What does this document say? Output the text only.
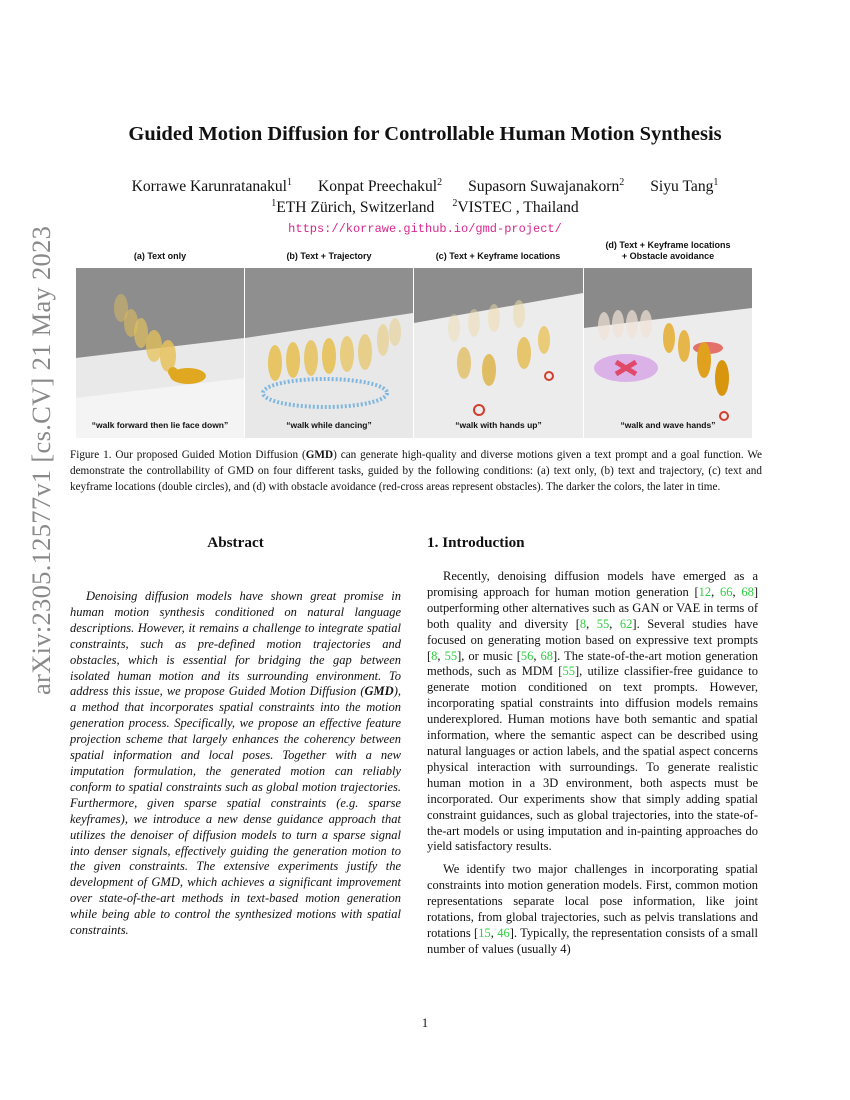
arXiv:2305.12577v1 [cs.CV] 21 May 2023
Guided Motion Diffusion for Controllable Human Motion Synthesis
Korrawe Karunratanakul$^1$ Konpat Preechakul$^2$ Supasorn Suwajanakorn$^2$ Siyu Tang$^1$
$^1$ETH Zürich, Switzerland $^2$VISTEC , Thailand
https://korrawe.github.io/gmd-project/
(a) Text only	(b) Text + Trajectory	(c) Text + Keyframe locations
(d) Text + Keyframe locations
+ Obstacle avoidance
“walk forward then lie face down”	“walk while dancing”	“walk with hands up”	“walk and wave hands”
Figure 1. Our proposed Guided Motion Diffusion (GMD) can generate high-quality and diverse motions given a text prompt and a goal function. We demonstrate the controllability of GMD on four different tasks, guided by the following conditions: (a) text only, (b) text and trajectory, (c) text and keyframe locations (double circles), and (d) with obstacle avoidance (red-cross areas represent obstacles). The darker the colors, the later in time.
Abstract
Denoising diffusion models have shown great promise in human motion synthesis conditioned on natural language descriptions. However, it remains a challenge to integrate spatial constraints, such as pre-defined motion trajectories and obstacles, which is essential for bridging the gap between isolated human motion and its surrounding environment. To address this issue, we propose Guided Motion Diffusion (GMD), a method that incorporates spatial constraints into the motion generation process. Specifically, we propose an effective feature projection scheme that largely enhances the coherency between spatial information and local poses. Together with a new imputation formulation, the generated motion can reliably conform to spatial constraints such as global motion trajectories. Furthermore, given sparse spatial constraints (e.g. sparse keyframes), we introduce a new dense guidance approach that utilizes the denoiser of diffusion models to turn a sparse signal into denser signals, effectively guiding the generation motion to the given constraints. The extensive experiments justify the development of GMD, which achieves a significant improvement over state-of-the-art methods in text-based motion generation while being able to control the synthesized motions with spatial constraints.
1. Introduction

Recently, denoising diffusion models have emerged as a promising approach for human motion generation [12, 66, 68] outperforming other alternatives such as GAN or VAE in terms of both quality and diversity [8, 55, 62]. Several studies have focused on generating motion based on expressive text prompts [8, 55], or music [56, 68]. The state-of-the-art motion generation methods, such as MDM [55], utilize classifier-free guidance to generate motion conditioned on text prompts. However, incorporating spatial constraints into diffusion models remains underexplored. Human motions have both semantic and spatial information, where the semantic aspect can be described using natural languages or action labels, and the spatial aspect concerns physical interaction with surroundings. To generate realistic human motion in a 3D environment, both aspects must be incorporated. Our experiments show that simply adding spatial constraint guidances, such as global trajectories, into the state-of-the-art models or using imputation and in-painting approaches do yield satisfactory results.

We identify two major challenges in incorporating spatial constraints into motion generation models. First, common motion representations separate local pose information, like joint rotations, from global trajectories, such as pelvis translations and rotations [15, 46]. Typically, the representation consists of a small number of values (usually 4)

1
